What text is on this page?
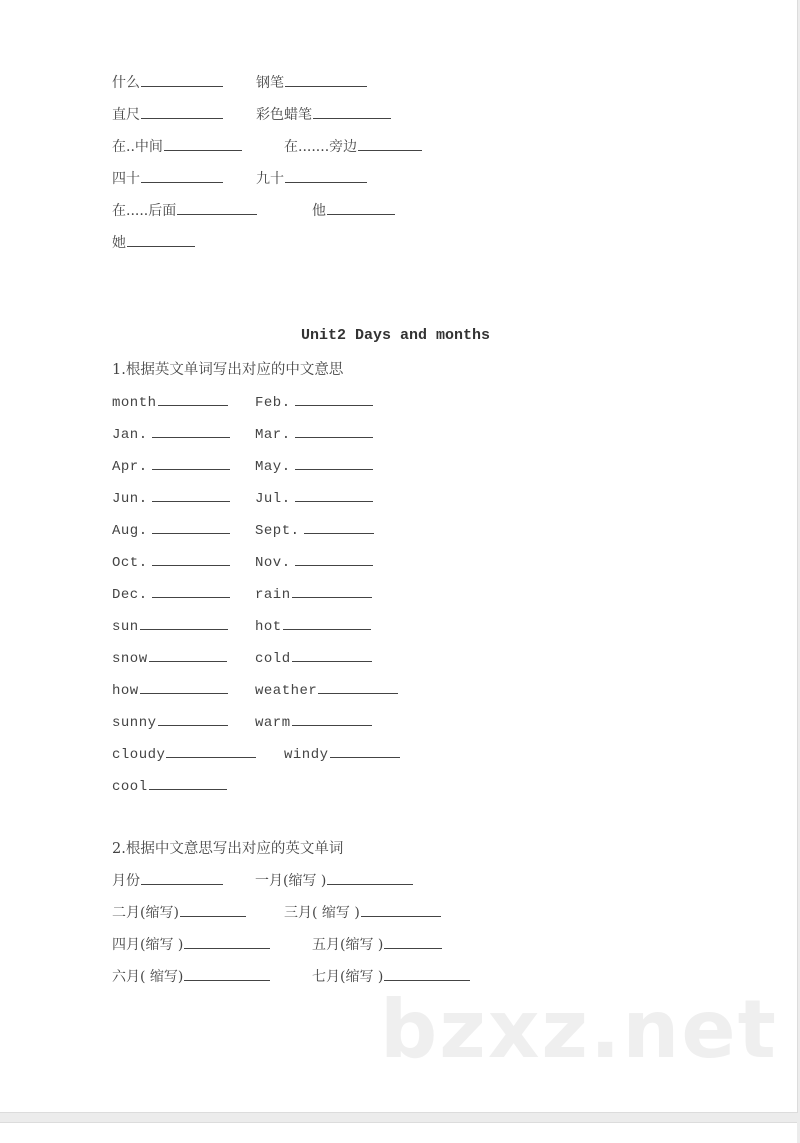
什么	钢笔
直尺	彩色蜡笔
在..中间	在.......旁边
四十	九十
在.....后面	他
她
Unit2 Days and months
1.根据英文单词写出对应的中文意思
month	Feb.
Jan.	Mar.
Apr.	May.
Jun.	Jul.
Aug.	Sept.
Oct.	Nov.
Dec.	rain
sun	hot
snow	cold
how	weather
sunny	warm
cloudy	windy
cool
2.根据中文意思写出对应的英文单词
月份	一月(缩写 )
二月(缩写)	三月( 缩写 )
四月(缩写 )	五月(缩写 )
六月( 缩写)	七月(缩写 )
bzxz.net
